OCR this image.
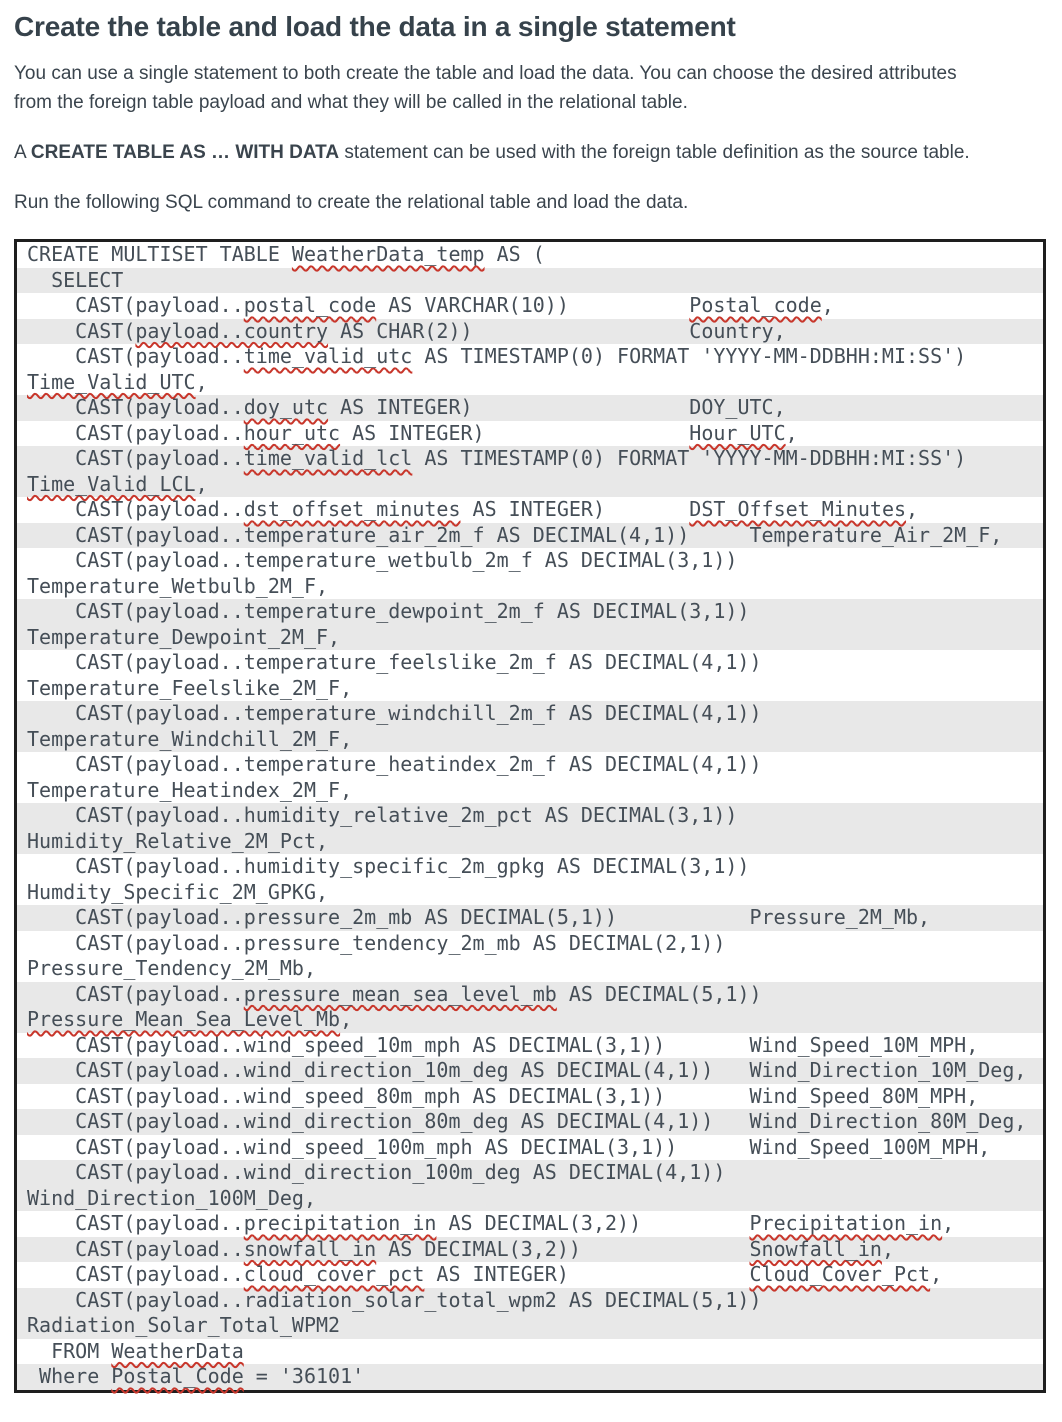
Create the table and load the data in a single statement

You can use a single statement to both create the table and load the data. You can choose the desired attributes from the foreign table payload and what they will be called in the relational table.

A CREATE TABLE AS … WITH DATA statement can be used with the foreign table definition as the source table.

Run the following SQL command to create the relational table and load the data.

CREATE MULTISET TABLE WeatherData_temp AS (
SELECT
CAST(payload..postal_code AS VARCHAR(10))          Postal_code,
CAST(payload..country AS CHAR(2))                  Country,
CAST(payload..time_valid_utc AS TIMESTAMP(0) FORMAT 'YYYY-MM-DDBHH:MI:SS') Time_Valid_UTC,
CAST(payload..doy_utc AS INTEGER)                  DOY_UTC,
CAST(payload..hour_utc AS INTEGER)                 Hour_UTC,
CAST(payload..time_valid_lcl AS TIMESTAMP(0) FORMAT 'YYYY-MM-DDBHH:MI:SS') Time_Valid_LCL,
CAST(payload..dst_offset_minutes AS INTEGER)       DST_Offset_Minutes,
CAST(payload..temperature_air_2m_f AS DECIMAL(4,1))     Temperature_Air_2M_F,
CAST(payload..temperature_wetbulb_2m_f AS DECIMAL(3,1)) Temperature_Wetbulb_2M_F,
CAST(payload..temperature_dewpoint_2m_f AS DECIMAL(3,1)) Temperature_Dewpoint_2M_F,
CAST(payload..temperature_feelslike_2m_f AS DECIMAL(4,1)) Temperature_Feelslike_2M_F,
CAST(payload..temperature_windchill_2m_f AS DECIMAL(4,1)) Temperature_Windchill_2M_F,
CAST(payload..temperature_heatindex_2m_f AS DECIMAL(4,1)) Temperature_Heatindex_2M_F,
CAST(payload..humidity_relative_2m_pct AS DECIMAL(3,1)) Humidity_Relative_2M_Pct,
CAST(payload..humidity_specific_2m_gpkg AS DECIMAL(3,1)) Humdity_Specific_2M_GPKG,
CAST(payload..pressure_2m_mb AS DECIMAL(5,1))           Pressure_2M_Mb,
CAST(payload..pressure_tendency_2m_mb AS DECIMAL(2,1))  Pressure_Tendency_2M_Mb,
CAST(payload..pressure_mean_sea_level_mb AS DECIMAL(5,1)) Pressure_Mean_Sea_Level_Mb,
CAST(payload..wind_speed_10m_mph AS DECIMAL(3,1))       Wind_Speed_10M_MPH,
CAST(payload..wind_direction_10m_deg AS DECIMAL(4,1))   Wind_Direction_10M_Deg,
CAST(payload..wind_speed_80m_mph AS DECIMAL(3,1))       Wind_Speed_80M_MPH,
CAST(payload..wind_direction_80m_deg AS DECIMAL(4,1))   Wind_Direction_80M_Deg,
CAST(payload..wind_speed_100m_mph AS DECIMAL(3,1))      Wind_Speed_100M_MPH,
CAST(payload..wind_direction_100m_deg AS DECIMAL(4,1))  Wind_Direction_100M_Deg,
CAST(payload..precipitation_in AS DECIMAL(3,2))         Precipitation_in,
CAST(payload..snowfall_in AS DECIMAL(3,2))              Snowfall_in,
CAST(payload..cloud_cover_pct AS INTEGER)               Cloud_Cover_Pct,
CAST(payload..radiation_solar_total_wpm2 AS DECIMAL(5,1)) Radiation_Solar_Total_WPM2
FROM WeatherData
Where Postal_Code = '36101'
